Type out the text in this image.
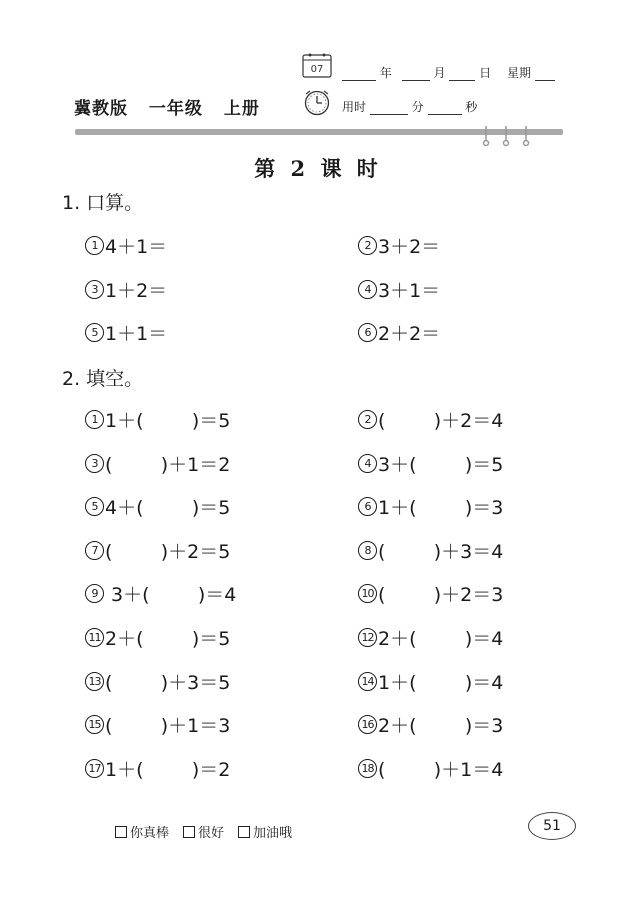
07	年	月	日 星期
冀教版 一年级 上册	用时	分	秒
第 2 课 时
1. 口算。
1 4＋1＝	2 3＋2＝
3 1＋2＝	4 3＋1＝
5 1＋1＝	6 2＋2＝
2. 填空。
1 1＋(        )＝5	2 (        )＋2＝4
3 (        )＋1＝2	4 3＋(        )＝5
5 4＋(        )＝5	6 1＋(        )＝3
7 (        )＋2＝5	8 (        )＋3＝4
9 3＋(        )＝4	10 (        )＋2＝3
11 2＋(        )＝5	12 2＋(        )＝4
13 (        )＋3＝5	14 1＋(        )＝4
15 (        )＋1＝3	16 2＋(        )＝3
17 1＋(        )＝2	18 (        )＋1＝4
你真棒 很好 加油哦	51
